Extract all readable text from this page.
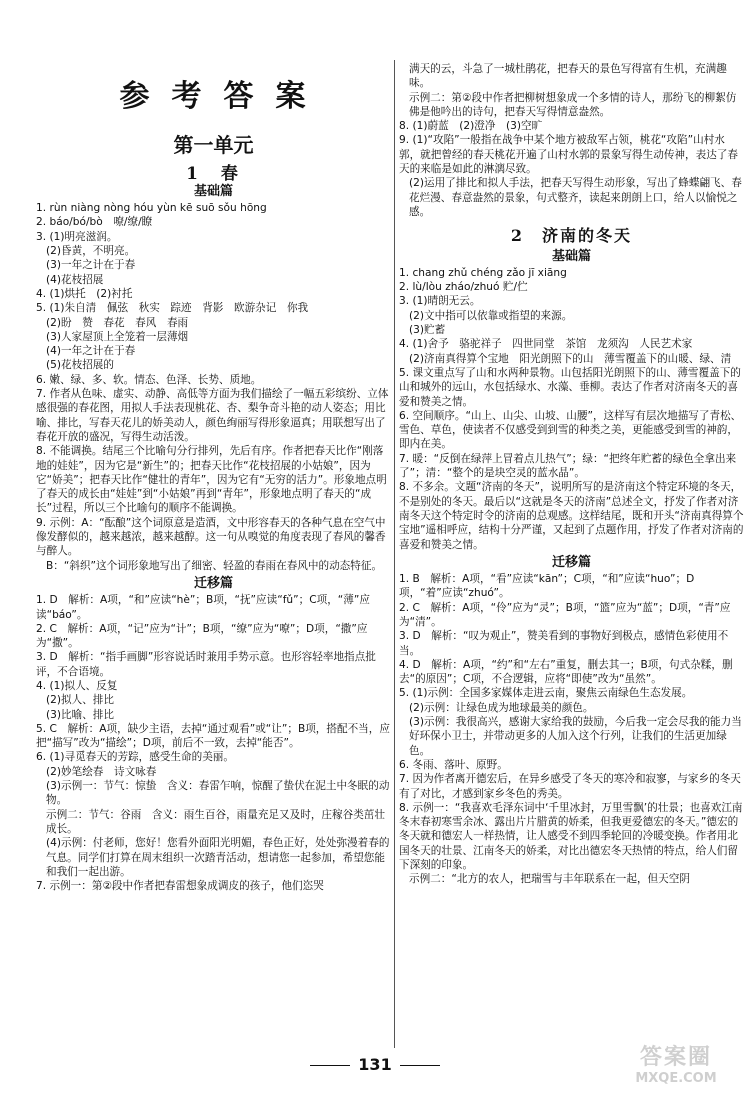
参考答案
第一单元
1　春
基础篇

1. rùn niàng nòng hóu yùn kē suō sǒu hōng

2. báo/bó/bò　嘹/缭/瞭

3. (1)明亮滋润。

(2)昏黄，不明亮。

(3)一年之计在于春

(4)花枝招展

4. (1)烘托　(2)衬托

5. (1)朱自清　佩弦　秋实　踪迹　背影　欧游杂记　你我

(2)盼　赞　春花　春风　春雨

(3)人家屋顶上全笼着一层薄烟

(4)一年之计在于春

(5)花枝招展的

6. 嫩、绿、多、软。情态、色泽、长势、质地。

7. 作者从色味、虚实、动静、高低等方面为我们描绘了一幅五彩缤纷、立体感很强的春花图，用拟人手法表现桃花、杏、梨争奇斗艳的动人姿态；用比喻、排比，写春天花儿的娇美动人，颜色绚丽写得形象逼真；用联想写出了春花开放的盛况，写得生动活泼。

8. 不能调换。结尾三个比喻句分行排列，先后有序。作者把春天比作“刚落地的娃娃”，因为它是“新生”的；把春天比作“花枝招展的小姑娘”，因为它“娇美”；把春天比作“健壮的青年”，因为它有“无穷的活力”。形象地点明了春天的成长由“娃娃”到“小姑娘”再到“青年”，形象地点明了春天的“成长”过程，所以三个比喻句的顺序不能调换。

9. 示例：A：“酝酿”这个词原意是造酒，文中形容春天的各种气息在空气中像发酵似的，越来越浓，越来越醇。这一句从嗅觉的角度表现了春风的馨香与醉人。

B：“斜织”这个词形象地写出了细密、轻盈的春雨在春风中的动态特征。

迁移篇

1. D　解析：A项，“和”应读“hè”；B项，“抚”应读“fǔ”；C项，“薄”应读“báo”。

2. C　解析：A项，“记”应为“计”；B项，“缭”应为“嘹”；D项，“撒”应为“撒”。

3. D　解析：“指手画脚”形容说话时兼用手势示意。也形容轻率地指点批评，不合语境。

4. (1)拟人、反复

(2)拟人、排比

(3)比喻、排比

5. C　解析：A项，缺少主语，去掉“通过观看”或“让”；B项，搭配不当，应把“描写”改为“描绘”；D项，前后不一致，去掉“能否”。

6. (1)寻觅春天的芳踪，感受生命的美丽。

(2)妙笔绘春　诗文咏春

(3)示例一：节气：惊蛰　含义：春雷乍响，惊醒了蛰伏在泥土中冬眠的动物。

示例二：节气：谷雨　含义：雨生百谷，雨量充足又及时，庄稼谷类茁壮成长。

(4)示例：付老师，您好！您看外面阳光明媚，春色正好，处处弥漫着春的气息。同学们打算在周末组织一次踏青活动，想请您一起参加，希望您能和我们一起出游。

7. 示例一：第②段中作者把春雷想象成调皮的孩子，他们恣哭

满天的云，斗急了一城杜鹃花，把春天的景色写得富有生机，充满趣味。

示例二：第②段中作者把柳树想象成一个多情的诗人，那纷飞的柳絮仿佛是他吟出的诗句，把春天写得情意盎然。

8. (1)蔚蓝　(2)澄净　(3)空旷

9. (1)“攻陷”一般指在战争中某个地方被敌军占领，桃花“攻陷”山村水郭，就把曾经的春天桃花开遍了山村水郭的景象写得生动传神，表达了春天的来临是如此的淋漓尽致。

(2)运用了排比和拟人手法，把春天写得生动形象，写出了蜂蝶翩飞、春花烂漫、春意盎然的景象，句式整齐，读起来朗朗上口，给人以愉悦之感。

2　济南的冬天
基础篇

1. chang zhǔ chéng zǎo jī xiāng

2. lù/lòu zháo/zhuó 贮/伫

3. (1)晴朗无云。

(2)文中指可以依靠或指望的来源。

(3)贮蓄

4. (1)舍予　骆驼祥子　四世同堂　茶馆　龙须沟　人民艺术家

(2)济南真得算个宝地　阳光朗照下的山　薄雪覆盖下的山暖、绿、清

5. 课文重点写了山和水两种景物。山包括阳光朗照下的山、薄雪覆盖下的山和城外的远山，水包括绿水、水藻、垂柳。表达了作者对济南冬天的喜爱和赞美之情。

6. 空间顺序。“山上、山尖、山坡、山腰”，这样写有层次地描写了青松、雪色、草色，使读者不仅感受到到雪的种类之美，更能感受到雪的神韵，即内在美。

7. 暖：“反倒在绿萍上冒着点儿热气”；绿：“把终年贮蓄的绿色全拿出来了”；清：“整个的是块空灵的蓝水晶”。

8. 不多余。文题“济南的冬天”，说明所写的是济南这个特定环境的冬天，不是别处的冬天。最后以“这就是冬天的济南”总述全文，抒发了作者对济南冬天这个特定时令的济南的总观感。这样结尾，既和开头“济南真得算个宝地”遥相呼应，结构十分严谨，又起到了点题作用，抒发了作者对济南的喜爱和赞美之情。

迁移篇

1. B　解析：A项，“看”应读“kān”；C项，“和”应读“huo”；D项，“着”应读“zhuó”。

2. C　解析：A项，“伶”应为“灵”；B项，“篮”应为“蓝”；D项，“青”应为“清”。

3. D　解析：“叹为观止”，赞美看到的事物好到极点，感情色彩使用不当。

4. D　解析：A项，“约”和“左右”重复，删去其一；B项，句式杂糅，删去“的原因”；C项，不合逻辑，应将“即使”改为“虽然”。

5. (1)示例：全国多家媒体走进云南，聚焦云南绿色生态发展。

(2)示例：让绿色成为地球最美的颜色。

(3)示例：我很高兴，感谢大家给我的鼓励，今后我一定会尽我的能力当好环保小卫士，并带动更多的人加入这个行列，让我们的生活更加绿色。

6. 冬雨、落叶、原野。

7. 因为作者离开德宏后，在异乡感受了冬天的寒冷和寂寥，与家乡的冬天有了对比，才感到家乡冬色的秀美。

8. 示例一：“我喜欢毛泽东词中‘千里冰封，万里雪飘’的壮景；也喜欢江南冬末春初寒雪余冰、露出片片腊黄的娇柔，但我更爱德宏的冬天。”德宏的冬天就和德宏人一样热情，让人感受不到四季轮回的冷暖变换。作者用北国冬天的壮景、江南冬天的娇柔，对比出德宏冬天热情的特点，给人们留下深刻的印象。

示例二：“北方的农人，把瑞雪与丰年联系在一起，但天空阴

131	答案圈
MXQE.COM
